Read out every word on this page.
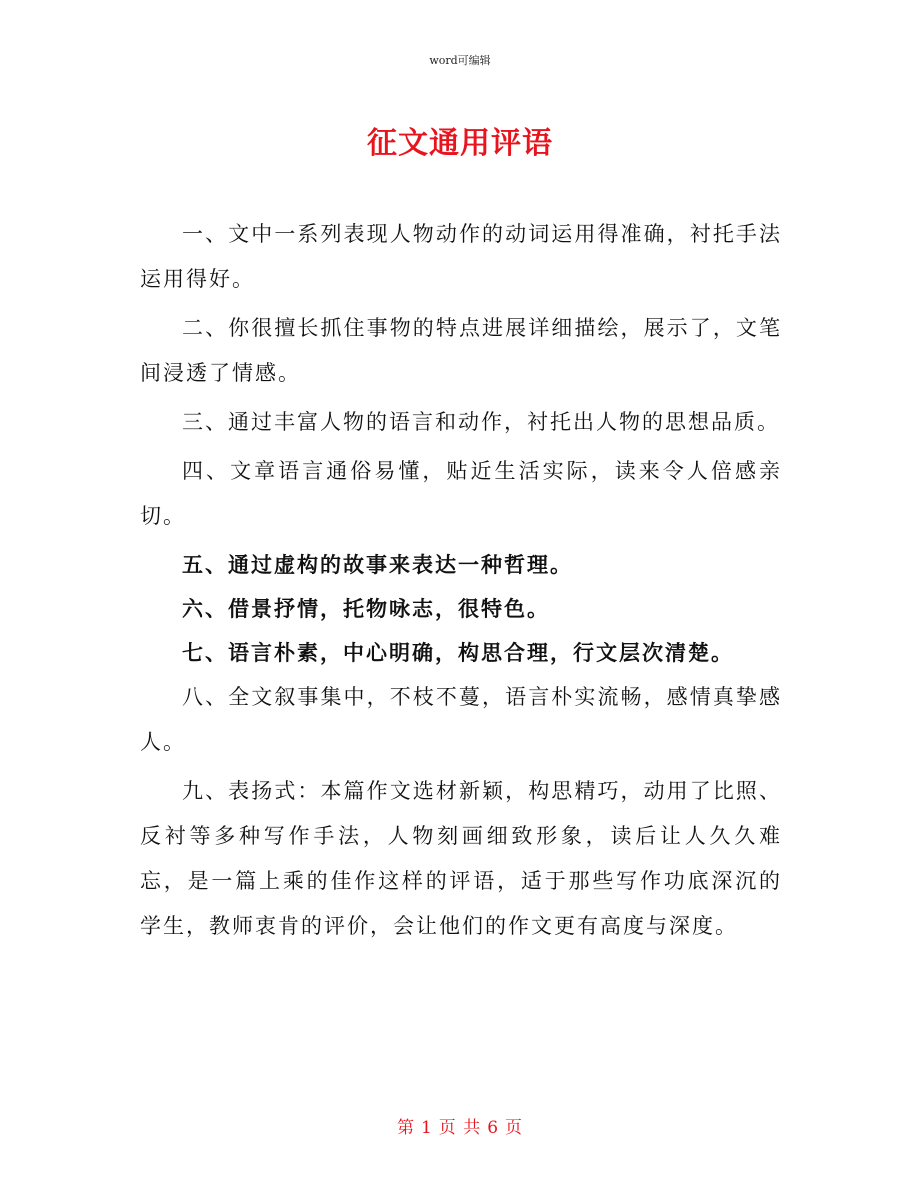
word可编辑
征文通用评语

一、文中一系列表现人物动作的动词运用得准确，衬托手法运用得好。

二、你很擅长抓住事物的特点进展详细描绘，展示了，文笔间浸透了情感。

三、通过丰富人物的语言和动作，衬托出人物的思想品质。

四、文章语言通俗易懂，贴近生活实际，读来令人倍感亲切。

五、通过虚构的故事来表达一种哲理。

六、借景抒情，托物咏志，很特色。

七、语言朴素，中心明确，构思合理，行文层次清楚。

八、全文叙事集中，不枝不蔓，语言朴实流畅，感情真挚感人。

九、表扬式：本篇作文选材新颖，构思精巧，动用了比照、反衬等多种写作手法，人物刻画细致形象，读后让人久久难忘，是一篇上乘的佳作这样的评语，适于那些写作功底深沉的学生，教师衷肯的评价，会让他们的作文更有高度与深度。

第 1 页 共 6 页
